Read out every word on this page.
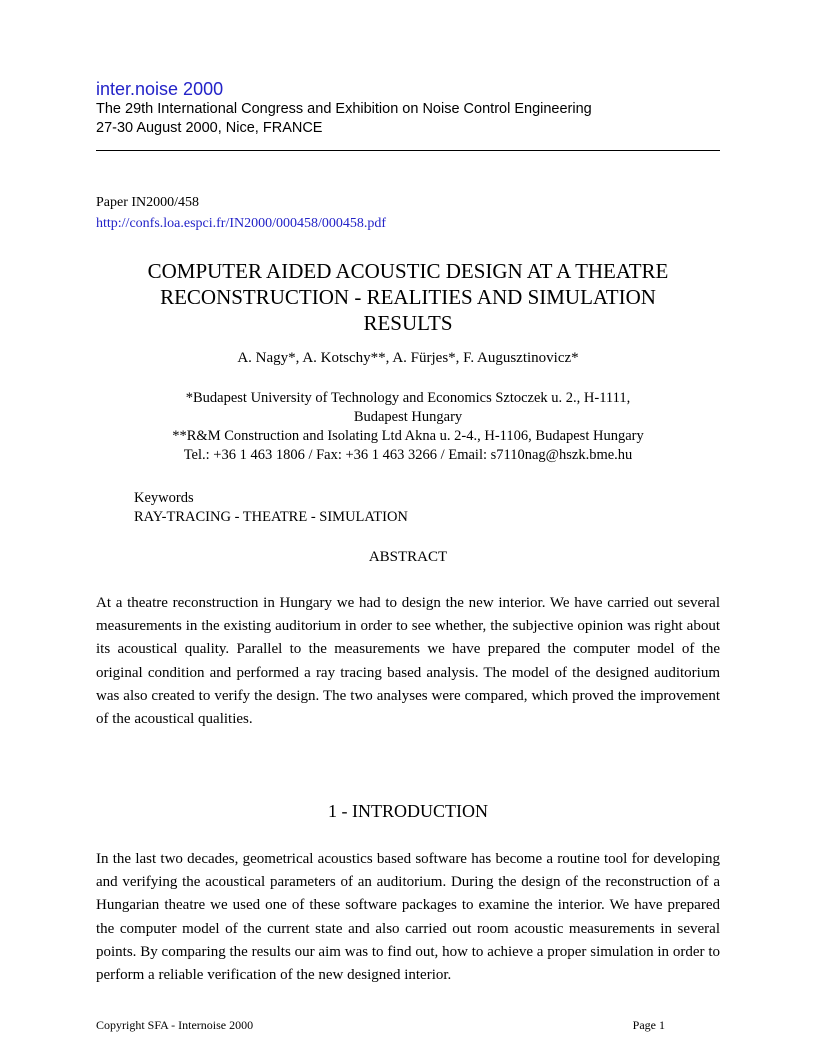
inter.noise 2000
The 29th International Congress and Exhibition on Noise Control Engineering
27-30 August 2000, Nice, FRANCE
Paper IN2000/458
http://confs.loa.espci.fr/IN2000/000458/000458.pdf
COMPUTER AIDED ACOUSTIC DESIGN AT A THEATRE
RECONSTRUCTION - REALITIES AND SIMULATION
RESULTS
A. Nagy*, A. Kotschy**, A. Fürjes*, F. Augusztinovicz*
*Budapest University of Technology and Economics Sztoczek u. 2., H-1111,
Budapest Hungary
**R&M Construction and Isolating Ltd Akna u. 2-4., H-1106, Budapest Hungary
Tel.: +36 1 463 1806 / Fax: +36 1 463 3266 / Email: s7110nag@hszk.bme.hu
Keywords
RAY-TRACING - THEATRE - SIMULATION
ABSTRACT
At a theatre reconstruction in Hungary we had to design the new interior. We have carried out several measurements in the existing auditorium in order to see whether, the subjective opinion was right about its acoustical quality. Parallel to the measurements we have prepared the computer model of the original condition and performed a ray tracing based analysis. The model of the designed auditorium was also created to verify the design. The two analyses were compared, which proved the improvement of the acoustical qualities.
1 - INTRODUCTION
In the last two decades, geometrical acoustics based software has become a routine tool for developing and verifying the acoustical parameters of an auditorium. During the design of the reconstruction of a Hungarian theatre we used one of these software packages to examine the interior. We have prepared the computer model of the current state and also carried out room acoustic measurements in several points. By comparing the results our aim was to find out, how to achieve a proper simulation in order to perform a reliable verification of the new designed interior.
Copyright SFA - Internoise 2000	Page 1
